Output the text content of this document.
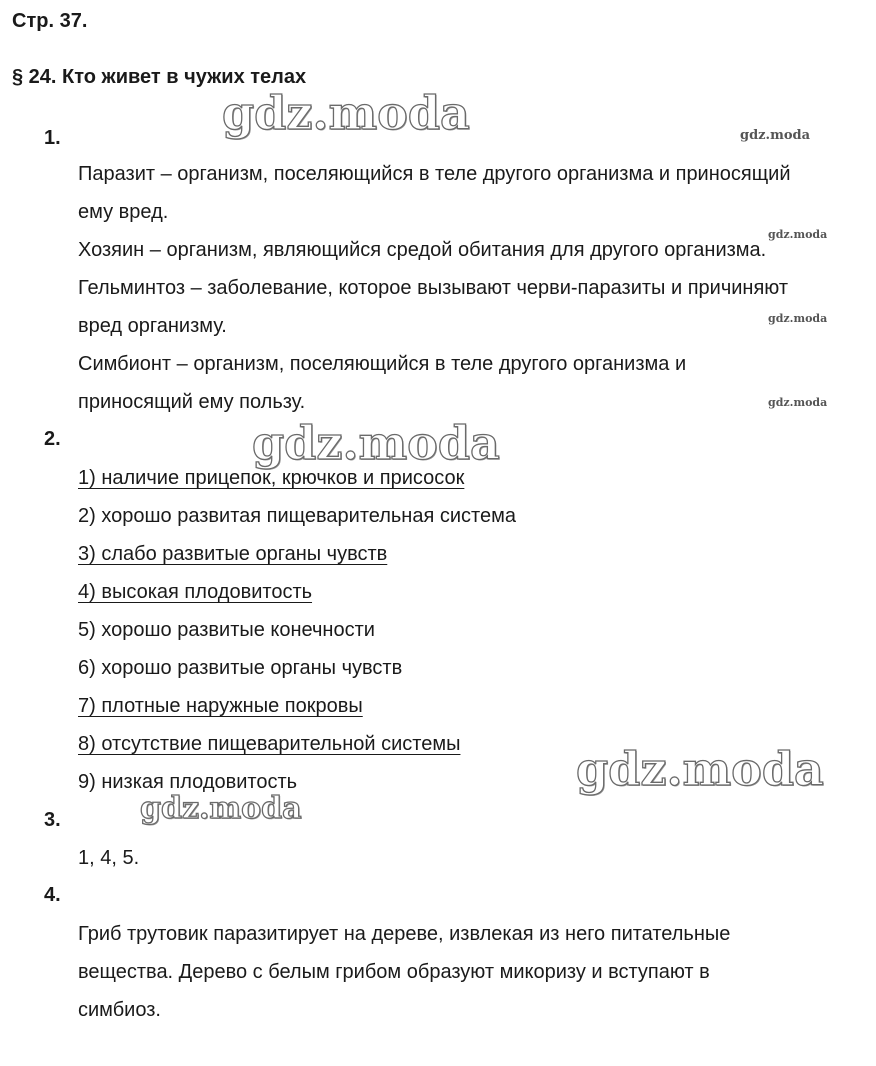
Стр. 37.
§ 24. Кто живет в чужих телах
1.
Паразит – организм, поселяющийся в теле другого организма и приносящий
ему вред.
Хозяин – организм, являющийся средой обитания для другого организма.
Гельминтоз – заболевание, которое вызывают черви-паразиты и причиняют
вред организму.
Симбионт – организм, поселяющийся в теле другого организма и
приносящий ему пользу.
2.
1) наличие прицепок, крючков и присосок
2) хорошо развитая пищеварительная система
3) слабо развитые органы чувств
4) высокая плодовитость
5) хорошо развитые конечности
6) хорошо развитые органы чувств
7) плотные наружные покровы
8) отсутствие пищеварительной системы
9) низкая плодовитость
3.
1, 4, 5.
4.
Гриб трутовик паразитирует на дереве, извлекая из него питательные
вещества. Дерево с белым грибом образуют микоризу и вступают в
симбиоз.
gdz.moda
gdz.moda
gdz.moda
gdz.moda
gdz.moda
gdz.moda
gdz.moda
gdz.moda
